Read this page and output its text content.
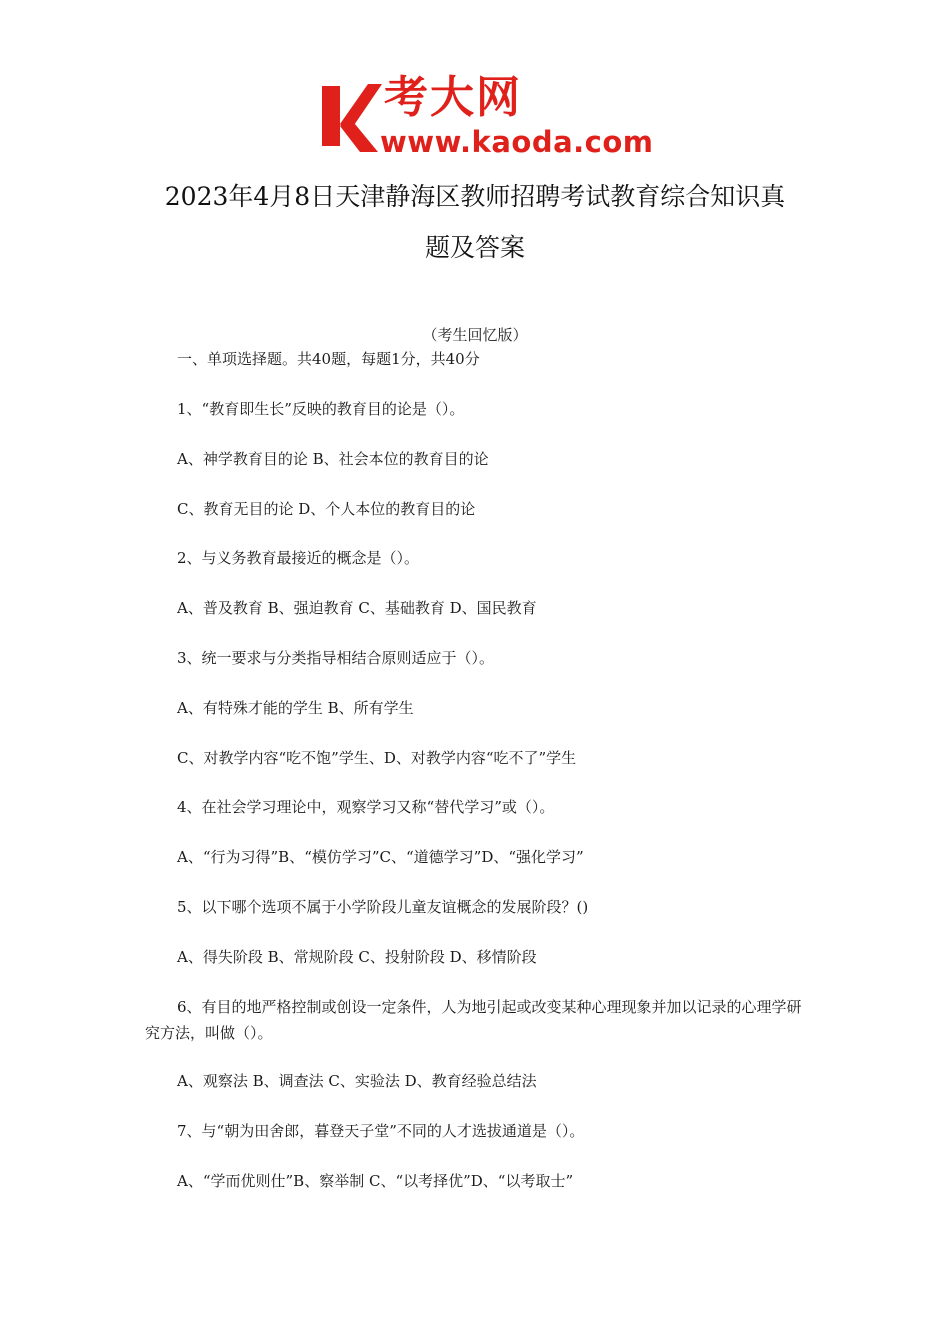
考大网
www.kaoda.com
2023年4月8日天津静海区教师招聘考试教育综合知识真
题及答案
（考生回忆版）
一、单项选择题。共40题，每题1分，共40分
1、“教育即生长”反映的教育目的论是（）。
A、神学教育目的论 B、社会本位的教育目的论
C、教育无目的论 D、个人本位的教育目的论
2、与义务教育最接近的概念是（）。
A、普及教育 B、强迫教育 C、基础教育 D、国民教育
3、统一要求与分类指导相结合原则适应于（）。
A、有特殊才能的学生 B、所有学生
C、对教学内容“吃不饱”学生、D、对教学内容“吃不了”学生
4、在社会学习理论中，观察学习又称“替代学习”或（）。
A、“行为习得”B、“模仿学习”C、“道德学习”D、“强化学习”
5、以下哪个选项不属于小学阶段儿童友谊概念的发展阶段？()
A、得失阶段 B、常规阶段 C、投射阶段 D、移情阶段
6、有目的地严格控制或创设一定条件，人为地引起或改变某种心理现象并加以记录的心理学研究方法，叫做（）。
A、观察法 B、调查法 C、实验法 D、教育经验总结法
7、与“朝为田舍郎，暮登天子堂”不同的人才选拔通道是（）。
A、“学而优则仕”B、察举制 C、“以考择优”D、“以考取士”
